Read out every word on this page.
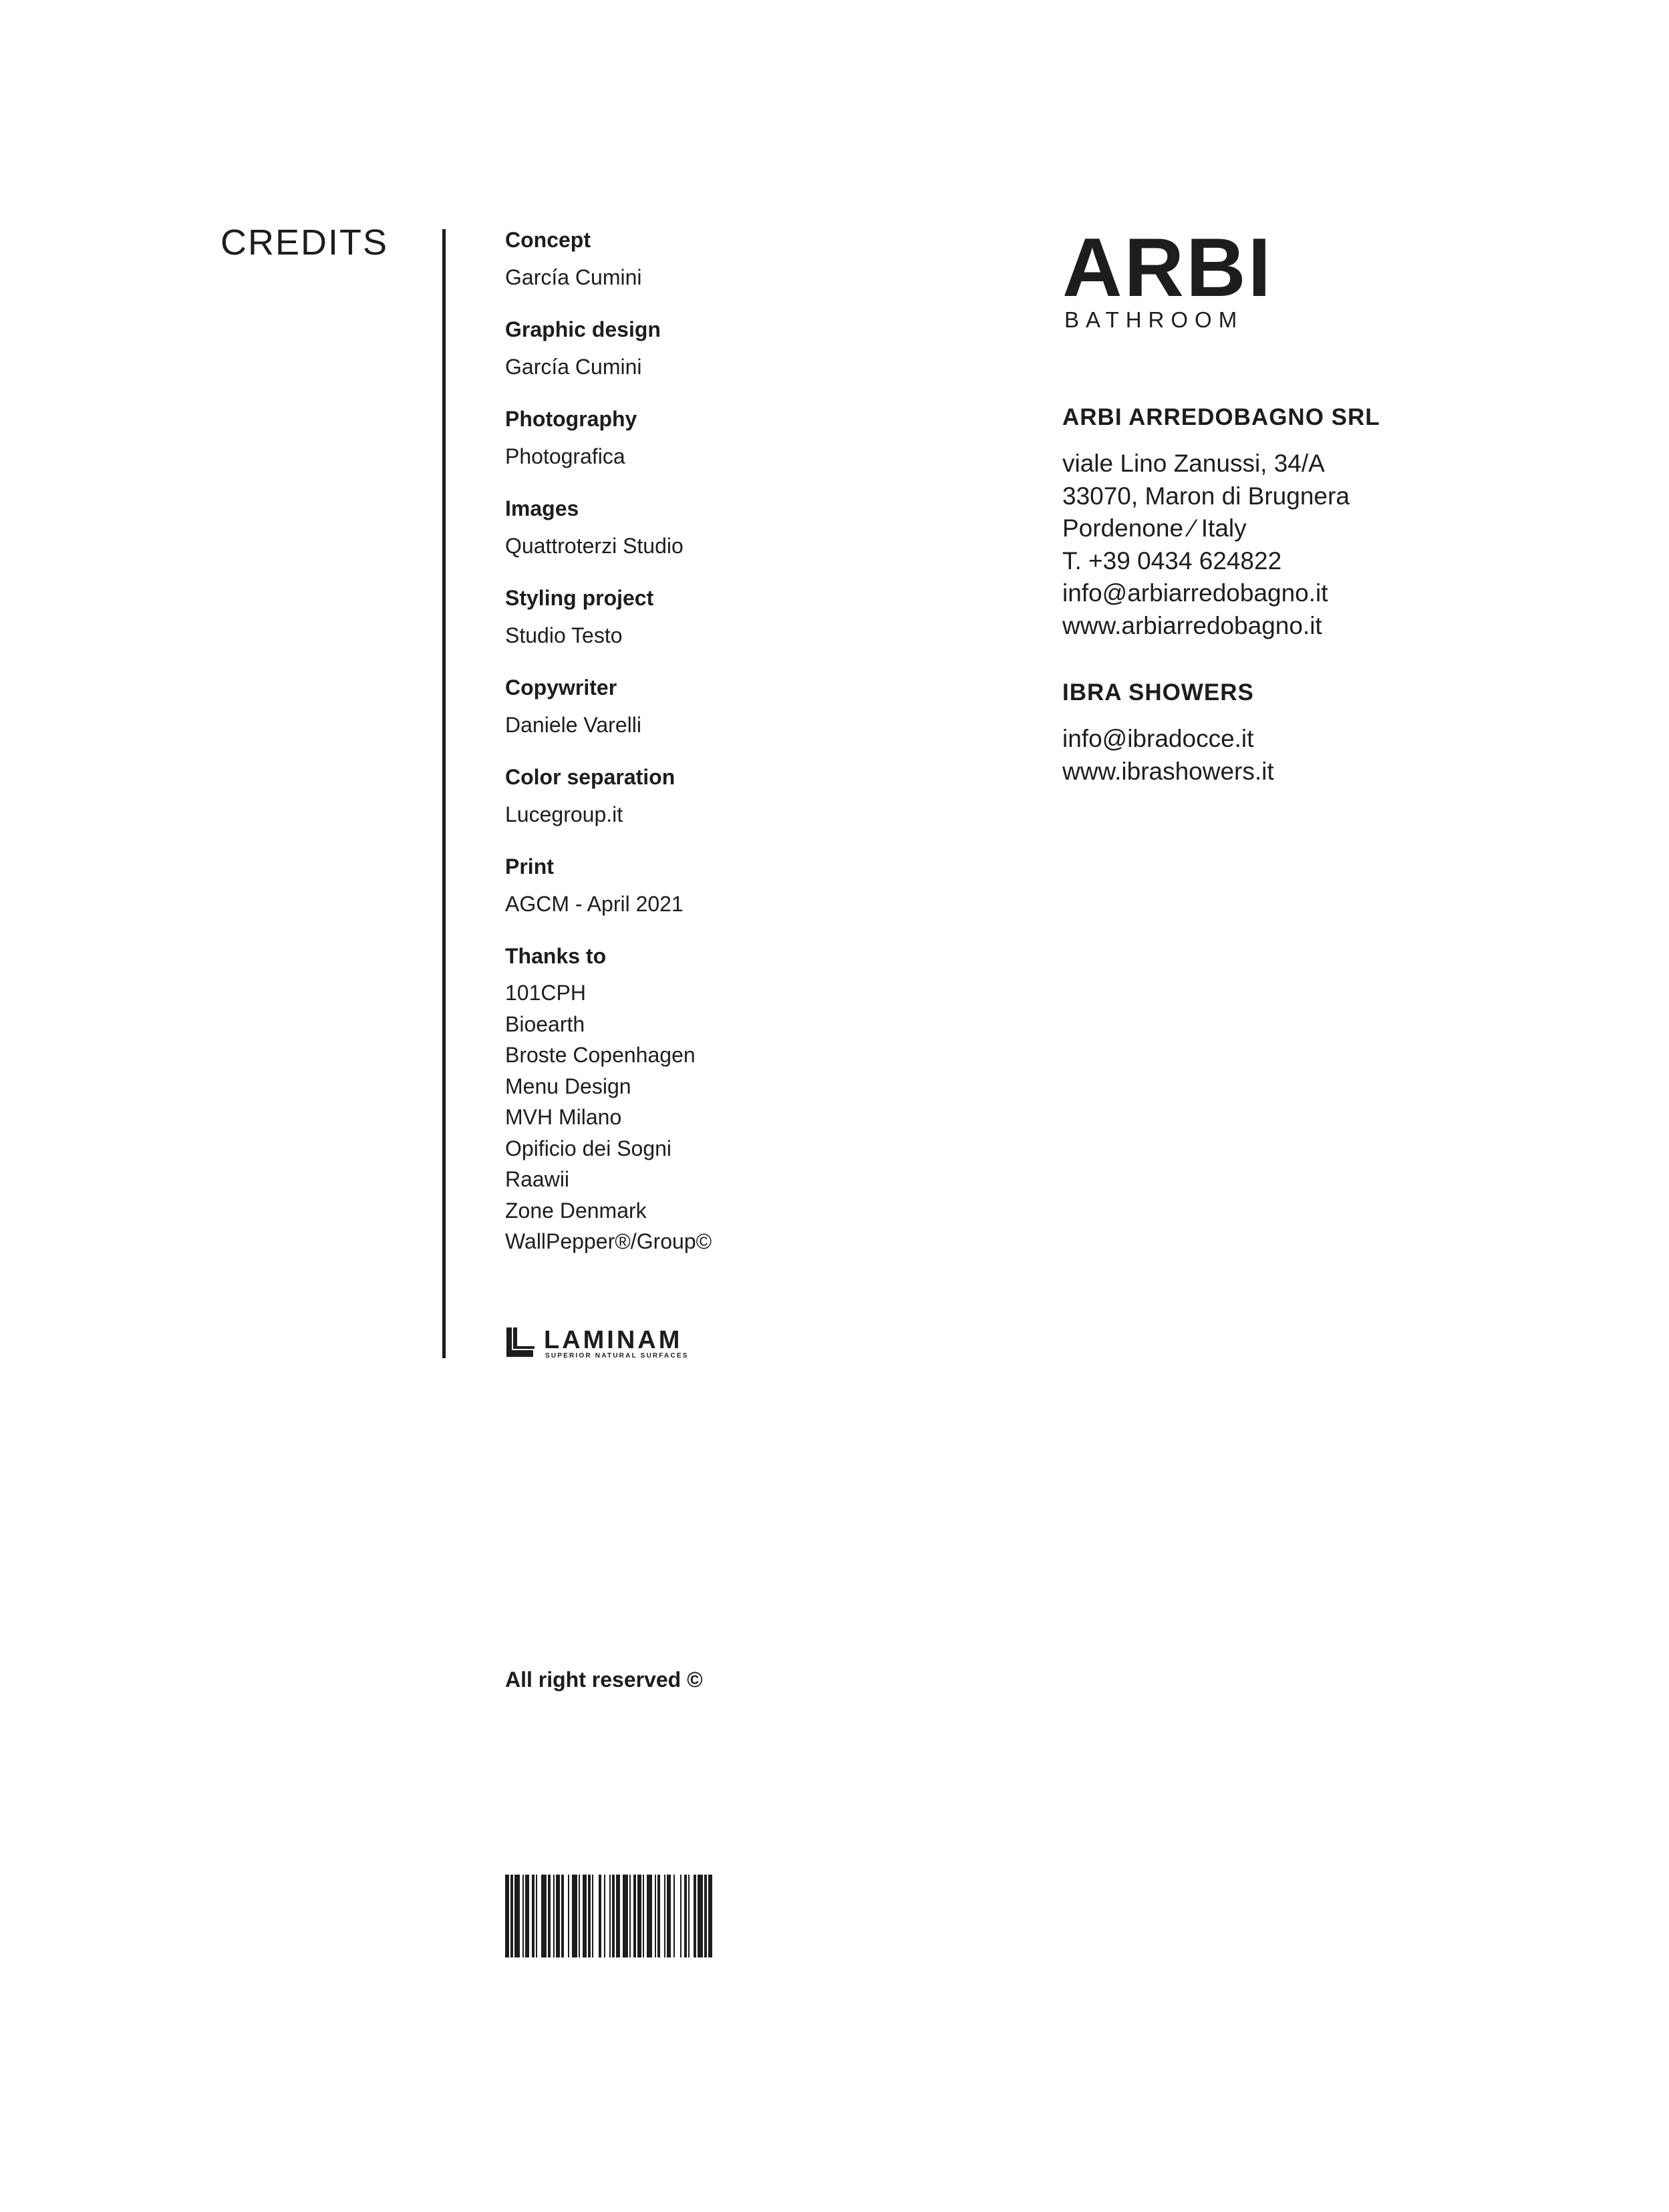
CREDITS	Concept
García Cumini
Graphic design
García Cumini
Photography
Photografica
Images
Quattroterzi Studio
Styling project
Studio Testo
Copywriter
Daniele Varelli
Color separation
Lucegroup.it
Print
AGCM - April 2021
Thanks to
101CPH
Bioearth
Broste Copenhagen
Menu Design
MVH Milano
Opificio dei Sogni
Raawii
Zone Denmark
WallPepper®/Group©
LAMINAM
SUPERIOR NATURAL SURFACES
ARBI
BATHROOM
ARBI ARREDOBAGNO SRL
viale Lino Zanussi, 34/A
33070, Maron di Brugnera
Pordenone ⁄ Italy
T. +39 0434 624822
info@arbiarredobagno.it
www.arbiarredobagno.it
IBRA SHOWERS
info@ibradocce.it
www.ibrashowers.it
All right reserved ©
